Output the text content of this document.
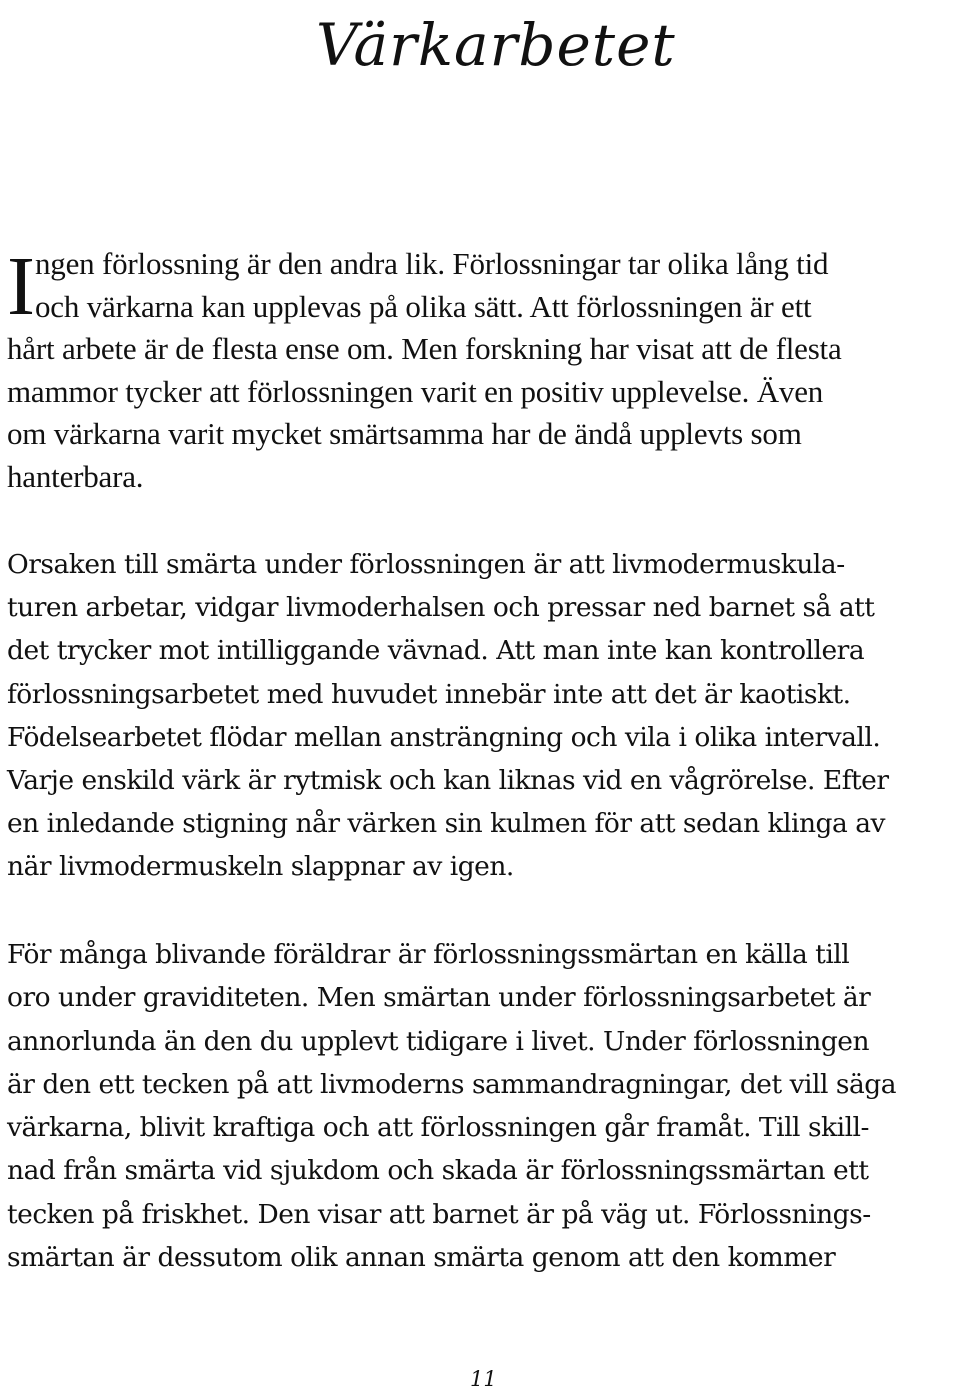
Värkarbetet
I ngen förlossning är den andra lik. Förlossningar tar olika lång tid
och värkarna kan upplevas på olika sätt. Att förlossningen är ett
hårt arbete är de flesta ense om. Men forskning har visat att de flesta
mammor tycker att förlossningen varit en positiv upplevelse. Även
om värkarna varit mycket smärtsamma har de ändå upplevts som
hanterbara.

Orsaken till smärta under förlossningen är att livmodermuskula-
turen arbetar, vidgar livmoderhalsen och pressar ned barnet så att
det trycker mot intilliggande vävnad. Att man inte kan kontrollera
förlossningsarbetet med huvudet innebär inte att det är kaotiskt.
Födelsearbetet flödar mellan ansträngning och vila i olika intervall.
Varje enskild värk är rytmisk och kan liknas vid en vågrörelse. Efter
en inledande stigning når värken sin kulmen för att sedan klinga av
när livmodermuskeln slappnar av igen.

För många blivande föräldrar är förlossningssmärtan en källa till
oro under graviditeten. Men smärtan under förlossningsarbetet är
annorlunda än den du upplevt tidigare i livet. Under förlossningen
är den ett tecken på att livmoderns sammandragningar, det vill säga
värkarna, blivit kraftiga och att förlossningen går framåt. Till skill-
nad från smärta vid sjukdom och skada är förlossningssmärtan ett
tecken på friskhet. Den visar att barnet är på väg ut. Förlossnings-
smärtan är dessutom olik annan smärta genom att den kommer

11
